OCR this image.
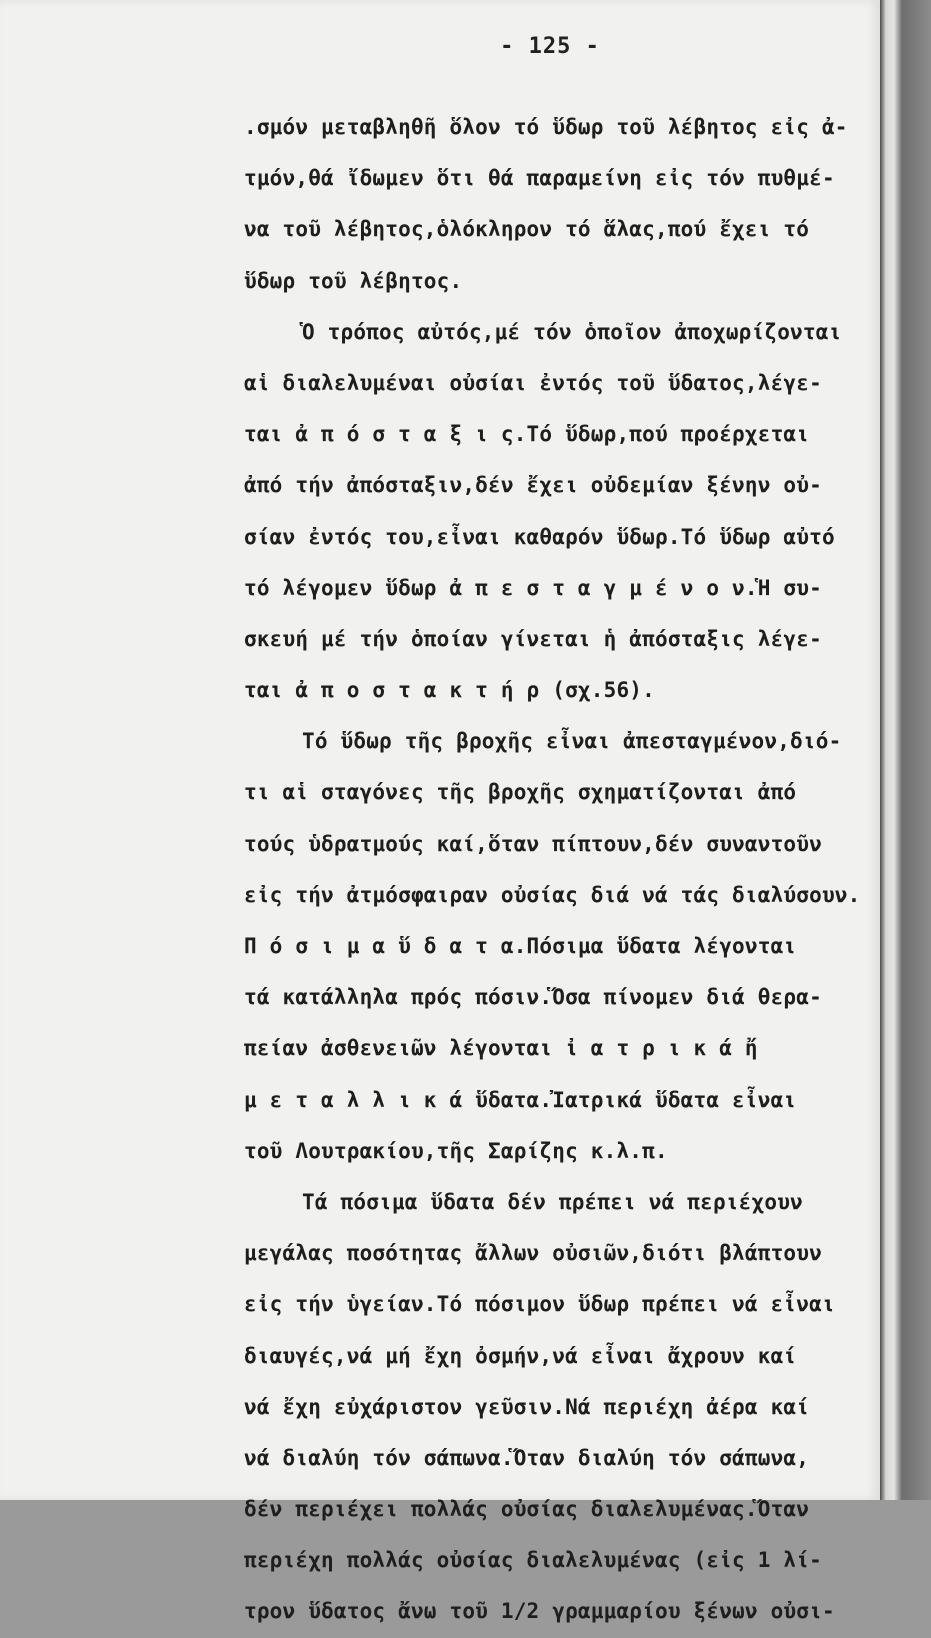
- 125 -
.σμόν μεταβληθῆ ὅλον τό ὕδωρ τοῦ λέβητος εἰς ἀ-
τμόν,θά ἴδωμεν ὅτι θά παραμείνη εἰς τόν πυθμέ-
να τοῦ λέβητος,ὁλόκληρον τό ἅλας,πού ἔχει τό
ὕδωρ τοῦ λέβητος.
Ὁ τρόπος αὐτός,μέ τόν ὁποῖον ἀποχωρίζονται
αἱ διαλελυμέναι οὐσίαι ἐντός τοῦ ὕδατος,λέγε-
ται ἀ π ό σ τ α ξ ι ς.Τό ὕδωρ,πού προέρχεται
ἀπό τήν ἀπόσταξιν,δέν ἔχει οὐδεμίαν ξένην οὐ-
σίαν ἐντός του,εἶναι καθαρόν ὕδωρ.Τό ὕδωρ αὐτό
τό λέγομεν ὕδωρ ἀ π ε σ τ α γ μ έ ν ο ν.Ἡ συ-
σκευή μέ τήν ὁποίαν γίνεται ἡ ἀπόσταξις λέγε-
ται ἀ π ο σ τ α κ τ ή ρ (σχ.56).
Τό ὕδωρ τῆς βροχῆς εἶναι ἀπεσταγμένον,διό-
τι αἱ σταγόνες τῆς βροχῆς σχηματίζονται ἀπό
τούς ὑδρατμούς καί,ὅταν πίπτουν,δέν συναντοῦν
εἰς τήν ἀτμόσφαιραν οὐσίας διά νά τάς διαλύσουν.
Π ό σ ι μ α ὕ δ α τ α.Πόσιμα ὕδατα λέγονται
τά κατάλληλα πρός πόσιν.Ὅσα πίνομεν διά θερα-
πείαν ἀσθενειῶν λέγονται ἰ α τ ρ ι κ ά ἤ
μ ε τ α λ λ ι κ ά ὕδατα.Ἰατρικά ὕδατα εἶναι
τοῦ Λουτρακίου,τῆς Σαρίζης κ.λ.π.
Τά πόσιμα ὕδατα δέν πρέπει νά περιέχουν
μεγάλας ποσότητας ἄλλων οὐσιῶν,διότι βλάπτουν
εἰς τήν ὑγείαν.Τό πόσιμον ὕδωρ πρέπει νά εἶναι
διαυγές,νά μή ἔχη ὀσμήν,νά εἶναι ἄχρουν καί
νά ἔχη εὐχάριστον γεῦσιν.Νά περιέχη ἀέρα καί
νά διαλύη τόν σάπωνα.Ὅταν διαλύη τόν σάπωνα,
δέν περιέχει πολλάς οὐσίας διαλελυμένας.Ὅταν
περιέχη πολλάς οὐσίας διαλελυμένας (εἰς 1 λί-
τρον ὕδατος ἄνω τοῦ 1/2 γραμμαρίου ξένων οὐσι-
